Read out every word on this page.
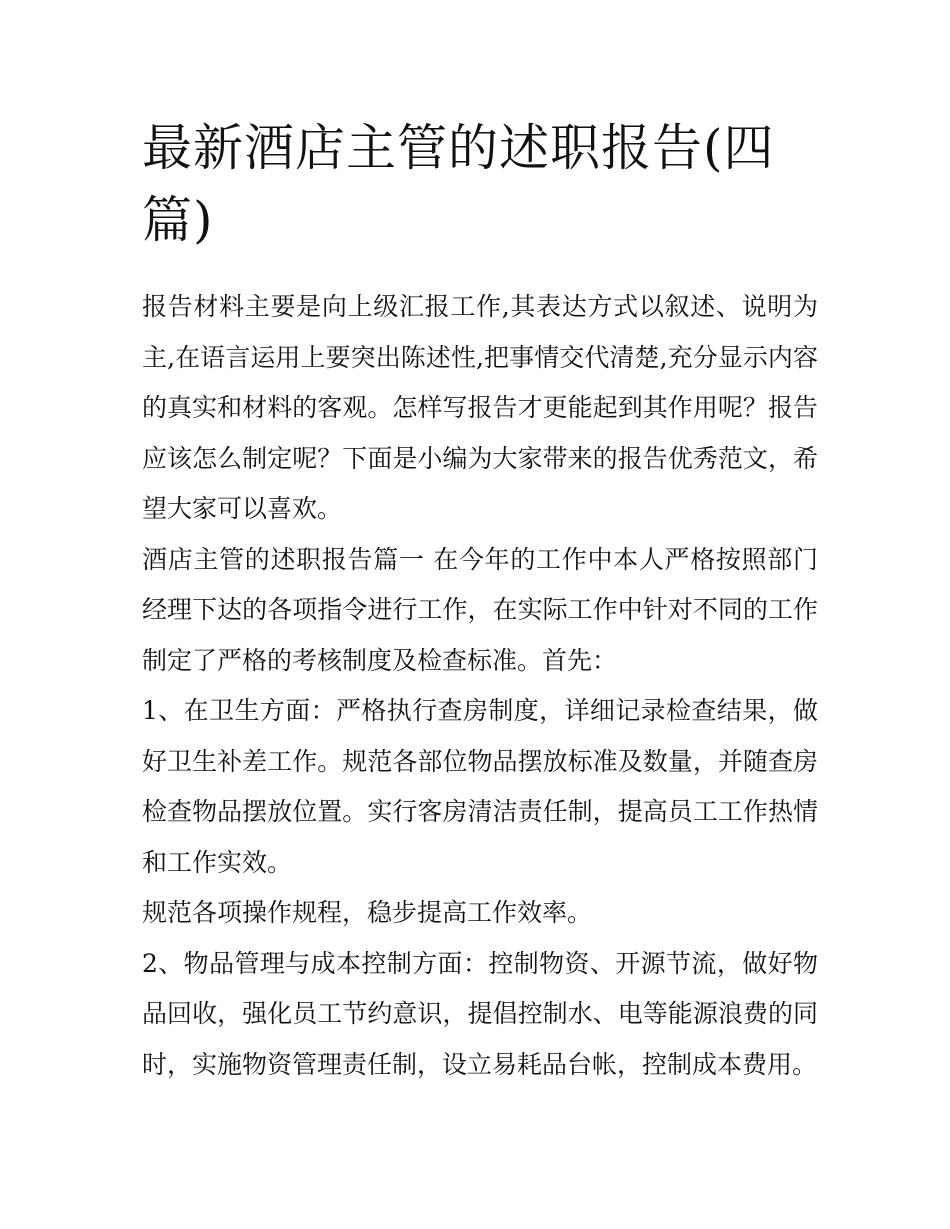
最新酒店主管的述职报告(四篇)

报告材料主要是向上级汇报工作,其表达方式以叙述、说明为主,在语言运用上要突出陈述性,把事情交代清楚,充分显示内容的真实和材料的客观。怎样写报告才更能起到其作用呢？报告应该怎么制定呢？下面是小编为大家带来的报告优秀范文，希望大家可以喜欢。

酒店主管的述职报告篇一 在今年的工作中本人严格按照部门经理下达的各项指令进行工作，在实际工作中针对不同的工作制定了严格的考核制度及检查标准。首先：

1、在卫生方面：严格执行查房制度，详细记录检查结果，做好卫生补差工作。规范各部位物品摆放标准及数量，并随查房检查物品摆放位置。实行客房清洁责任制，提高员工工作热情和工作实效。

规范各项操作规程，稳步提高工作效率。

2、物品管理与成本控制方面：控制物资、开源节流，做好物品回收，强化员工节约意识，提倡控制水、电等能源浪费的同时，实施物资管理责任制，设立易耗品台帐，控制成本费用。
